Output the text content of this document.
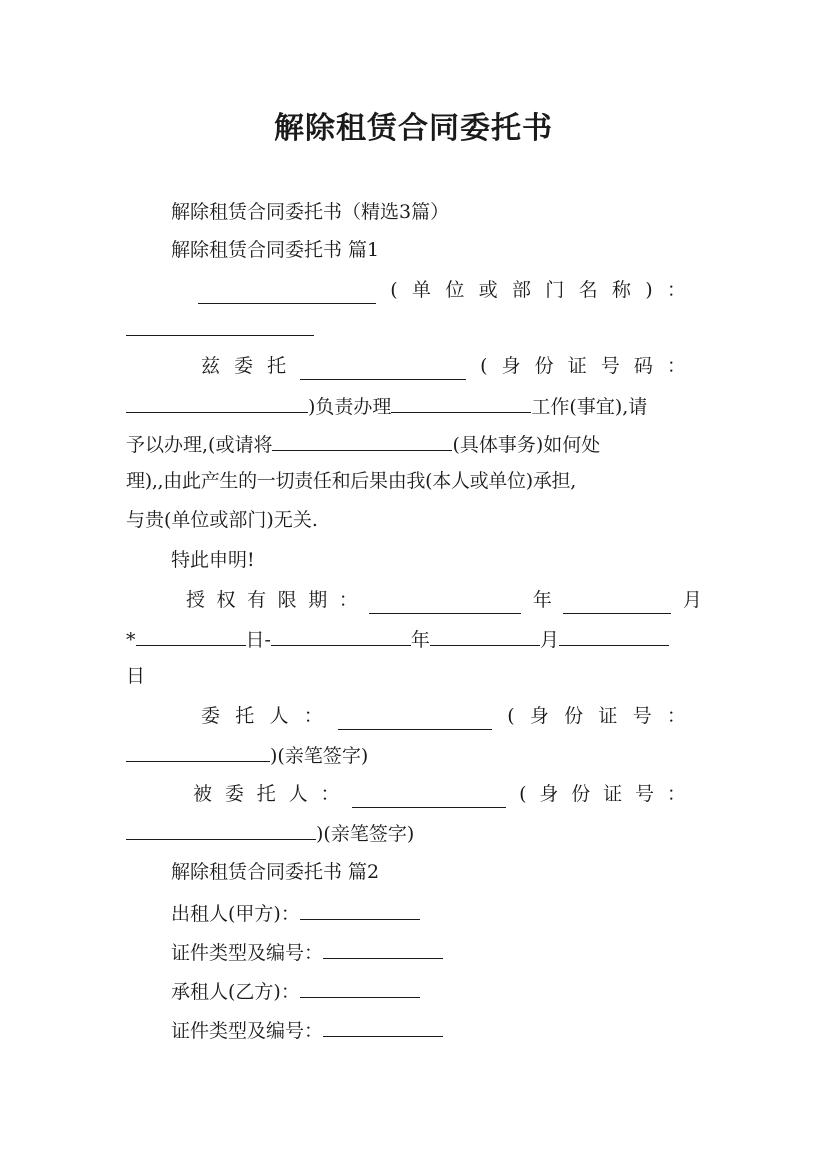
解除租赁合同委托书
解除租赁合同委托书（精选3篇）
解除租赁合同委托书 篇1
( 单 位 或 部 门 名 称 ) ：
兹 委 托	( 身 份 证 号 码 ：
)负责办理	工作(事宜),请
予以办理,(或请将	(具体事务)如何处
理),,由此产生的一切责任和后果由我(本人或单位)承担,
与贵(单位或部门)无关.
特此申明!
授 权 有 限 期 ：	年	月
*	日-	年	月
日
委 托 人 ：	( 身 份 证 号 ：
)(亲笔签字)
被 委 托 人 ：	( 身 份 证 号 ：
)(亲笔签字)
解除租赁合同委托书 篇2
出租人(甲方)：
证件类型及编号：
承租人(乙方)：
证件类型及编号：
